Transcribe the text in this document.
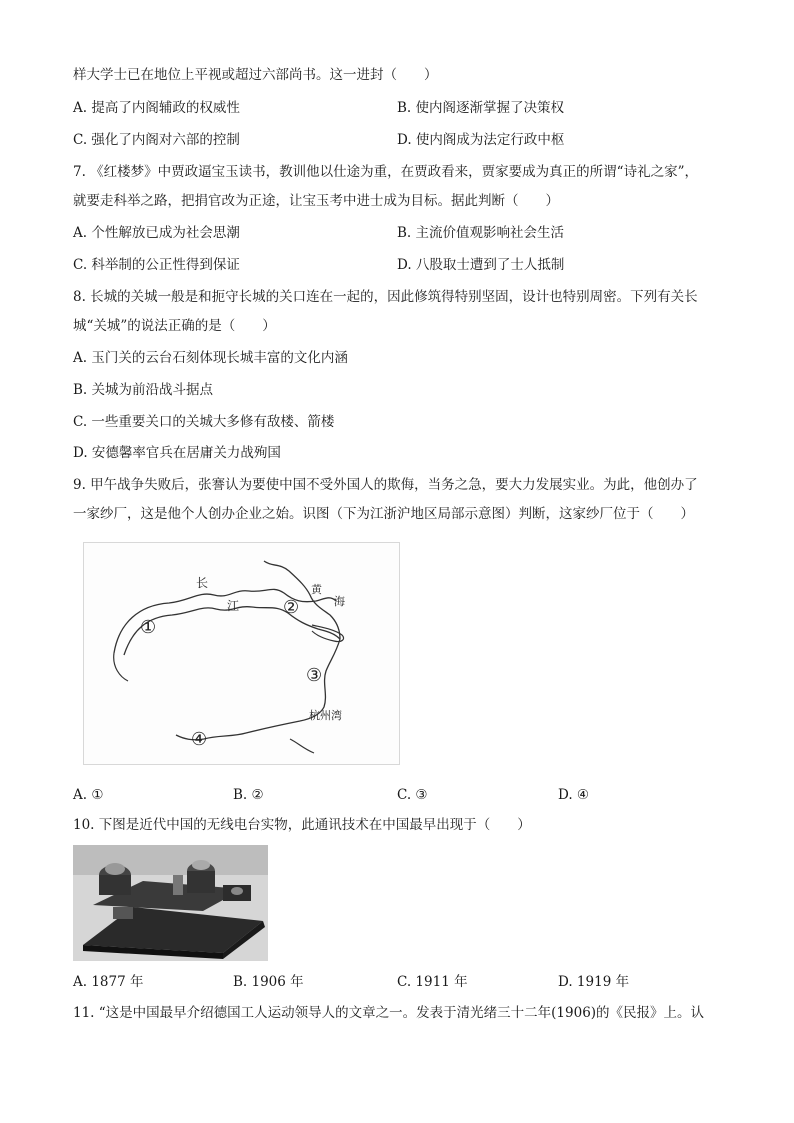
样大学士已在地位上平视或超过六部尚书。这一进封（　　）
A. 提高了内阁辅政的权威性	B. 使内阁逐渐掌握了决策权
C. 强化了内阁对六部的控制	D. 使内阁成为法定行政中枢
7. 《红楼梦》中贾政逼宝玉读书，教训他以仕途为重，在贾政看来，贾家要成为真正的所谓“诗礼之家”，
就要走科举之路，把捐官改为正途，让宝玉考中进士成为目标。据此判断（　　）
A. 个性解放已成为社会思潮	B. 主流价值观影响社会生活
C. 科举制的公正性得到保证	D. 八股取士遭到了士人抵制
8. 长城的关城一般是和扼守长城的关口连在一起的，因此修筑得特别坚固，设计也特别周密。下列有关长
城“关城”的说法正确的是（　　）
A. 玉门关的云台石刻体现长城丰富的文化内涵
B. 关城为前沿战斗据点
C. 一些重要关口的关城大多修有敌楼、箭楼
D. 安德馨率官兵在居庸关力战殉国
9. 甲午战争失败后，张謇认为要使中国不受外国人的欺侮，当务之急，要大力发展实业。为此，他创办了
一家纱厂，这是他个人创办企业之始。识图（下为江浙沪地区局部示意图）判断，这家纱厂位于（　　）
长
江
黄
海
杭州湾
①
②
③
④
A. ①	B. ②	C. ③	D. ④
10. 下图是近代中国的无线电台实物，此通讯技术在中国最早出现于（　　）
A. 1877 年	B. 1906 年	C. 1911 年	D. 1919 年
11. “这是中国最早介绍德国工人运动领导人的文章之一。发表于清光绪三十二年(1906)的《民报》上。认
